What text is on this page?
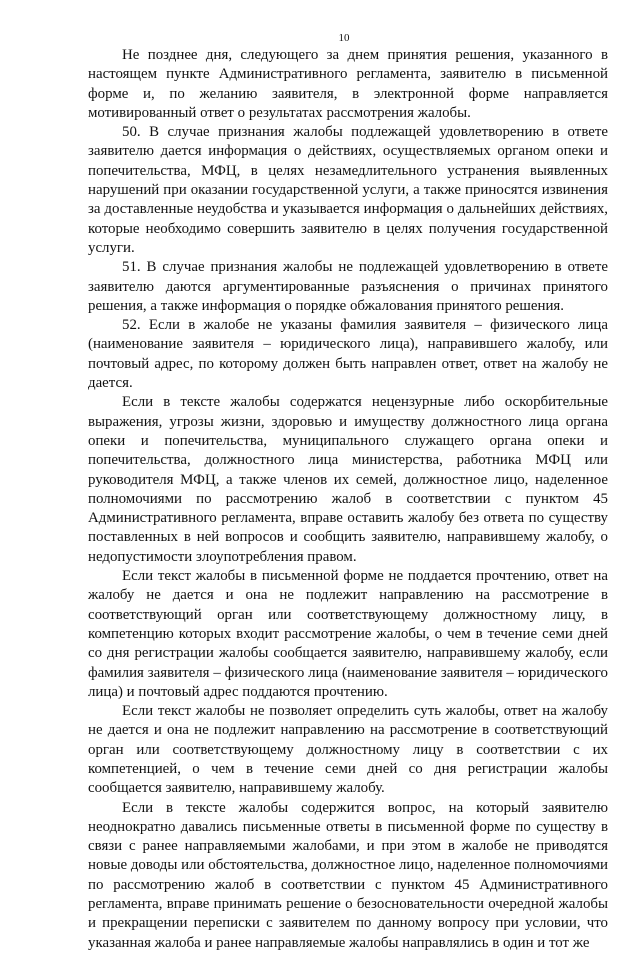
10

Не позднее дня, следующего за днем принятия решения, указанного в настоящем пункте Административного регламента, заявителю в письменной форме и, по желанию заявителя, в электронной форме направляется мотивированный ответ о результатах рассмотрения жалобы.

50. В случае признания жалобы подлежащей удовлетворению в ответе заявителю дается информация о действиях, осуществляемых органом опеки и попечительства, МФЦ, в целях незамедлительного устранения выявленных нарушений при оказании государственной услуги, а также приносятся извинения за доставленные неудобства и указывается информация о дальнейших действиях, которые необходимо совершить заявителю в целях получения государственной услуги.

51. В случае признания жалобы не подлежащей удовлетворению в ответе заявителю даются аргументированные разъяснения о причинах принятого решения, а также информация о порядке обжалования принятого решения.

52. Если в жалобе не указаны фамилия заявителя – физического лица (наименование заявителя – юридического лица), направившего жалобу, или почтовый адрес, по которому должен быть направлен ответ, ответ на жалобу не дается.

Если в тексте жалобы содержатся нецензурные либо оскорбительные выражения, угрозы жизни, здоровью и имуществу должностного лица органа опеки и попечительства, муниципального служащего органа опеки и попечительства, должностного лица министерства, работника МФЦ или руководителя МФЦ, а также членов их семей, должностное лицо, наделенное полномочиями по рассмотрению жалоб в соответствии с пунктом 45 Административного регламента, вправе оставить жалобу без ответа по существу поставленных в ней вопросов и сообщить заявителю, направившему жалобу, о недопустимости злоупотребления правом.

Если текст жалобы в письменной форме не поддается прочтению, ответ на жалобу не дается и она не подлежит направлению на рассмотрение в соответствующий орган или соответствующему должностному лицу, в компетенцию которых входит рассмотрение жалобы, о чем в течение семи дней со дня регистрации жалобы сообщается заявителю, направившему жалобу, если фамилия заявителя – физического лица (наименование заявителя – юридического лица) и почтовый адрес поддаются прочтению.

Если текст жалобы не позволяет определить суть жалобы, ответ на жалобу не дается и она не подлежит направлению на рассмотрение в соответствующий орган или соответствующему должностному лицу в соответствии с их компетенцией, о чем в течение семи дней со дня регистрации жалобы сообщается заявителю, направившему жалобу.

Если в тексте жалобы содержится вопрос, на который заявителю неоднократно давались письменные ответы в письменной форме по существу в связи с ранее направляемыми жалобами, и при этом в жалобе не приводятся новые доводы или обстоятельства, должностное лицо, наделенное полномочиями по рассмотрению жалоб в соответствии с пунктом 45 Административного регламента, вправе принимать решение о безосновательности очередной жалобы и прекращении переписки с заявителем по данному вопросу при условии, что указанная жалоба и ранее направляемые жалобы направлялись в один и тот же
